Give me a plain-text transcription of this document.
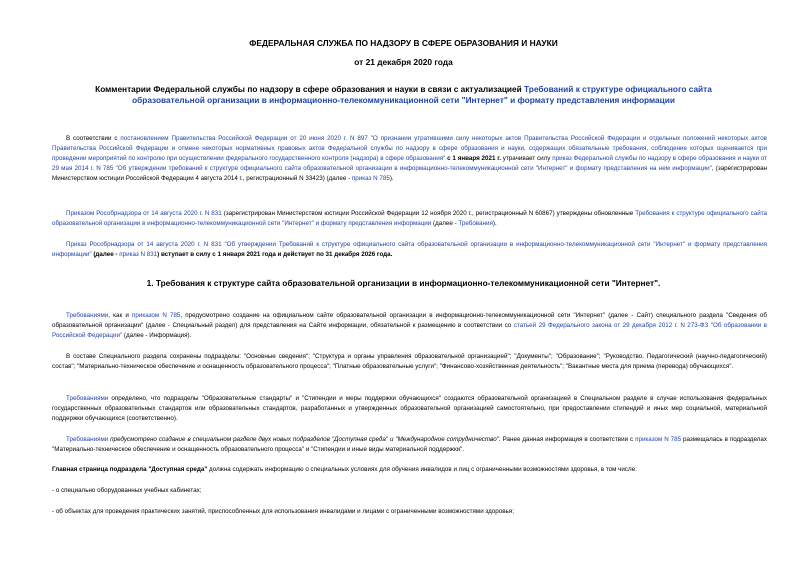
ФЕДЕРАЛЬНАЯ СЛУЖБА ПО НАДЗОРУ В СФЕРЕ ОБРАЗОВАНИЯ И НАУКИ
от 21 декабря 2020 года
Комментарии Федеральной службы по надзору в сфере образования и науки в связи с актуализацией Требований к структуре официального сайта образовательной организации в информационно-телекоммуникационной сети "Интернет" и формату представления информации
В соответствии с постановлением Правительства Российской Федерации от 20 июня 2020 г. N 897 "О признании утратившими силу некоторых актов Правительства Российской Федерации и отдельных положений некоторых актов Правительства Российской Федерации и отмене некоторых нормативных правовых актов Федеральной службы по надзору в сфере образования и науки, содержащих обязательные требования, соблюдение которых оценивается при проведении мероприятий по контролю при осуществлении федерального государственного контроля (надзора) в сфере образования" с 1 января 2021 г. утрачивает силу приказ Федеральной службы по надзору в сфере образования и науки от 29 мая 2014 г. N 785 "Об утверждении требований к структуре официального сайта образовательной организации в информационно-телекоммуникационной сети "Интернет" и формату представления на нем информации", (зарегистрирован Министерством юстиции Российской Федерации 4 августа 2014 г., регистрационный N 33423) (далее - приказ N 785).
Приказом Рособрнадзора от 14 августа 2020 г. N 831 (зарегистрирован Министерством юстиции Российской Федерации 12 ноября 2020 г., регистрационный N 60867) утверждены обновленные Требования к структуре официального сайта образовательной организации в информационно-телекоммуникационной сети "Интернет" и формату представления информации (далее - Требования).
Приказ Рособрнадзора от 14 августа 2020 г. N 831 "Об утверждении Требований к структуре официального сайта образовательной организации в информационно-телекоммуникационной сети "Интернет" и формату представления информации" (далее - приказ N 831) вступает в силу с 1 января 2021 года и действует по 31 декабря 2026 года.
1. Требования к структуре сайта образовательной организации в информационно-телекоммуникационной сети "Интернет".
Требованиями, как и приказом N 785, предусмотрено создание на официальном сайте образовательной организации в информационно-телекоммуникационной сети "Интернет" (далее - Сайт) специального раздела "Сведения об образовательной организации" (далее - Специальный раздел) для представления на Сайте информации, обязательной к размещению в соответствии со статьей 29 Федерального закона от 29 декабря 2012 г. N 273-ФЗ "Об образовании в Российской Федерации" (далее - Информация).
В составе Специального раздела сохранены подразделы: "Основные сведения"; "Структура и органы управления образовательной организацией"; "Документы"; "Образование"; "Руководство. Педагогический (научно-педагогический) состав"; "Материально-техническое обеспечение и оснащенность образовательного процесса"; "Платные образовательные услуги"; "Финансово-хозяйственная деятельность"; "Вакантные места для приема (перевода) обучающихся".
Требованиями определено, что подразделы "Образовательные стандарты" и "Стипендии и меры поддержки обучающихся" создаются образовательной организацией в Специальном разделе в случае использования федеральных государственных образовательных стандартов или образовательных стандартов, разработанных и утвержденных образовательной организацией самостоятельно, при предоставлении стипендий и иных мер социальной, материальной поддержки обучающихся (соответственно).
Требованиями предусмотрено создание в специальном разделе двух новых подразделов "Доступная среда" и "Международное сотрудничество". Ранее данная информация в соответствии с приказом N 785 размещалась в подразделах "Материально-техническое обеспечение и оснащенность образовательного процесса" и "Стипендии и иные виды материальной поддержки".
Главная страница подраздела "Доступная среда" должна содержать информацию о специальных условиях для обучения инвалидов и лиц с ограниченными возможностями здоровья, в том числе:
- о специально оборудованных учебных кабинетах;
- об объектах для проведения практических занятий, приспособленных для использования инвалидами и лицами с ограниченными возможностями здоровья;
